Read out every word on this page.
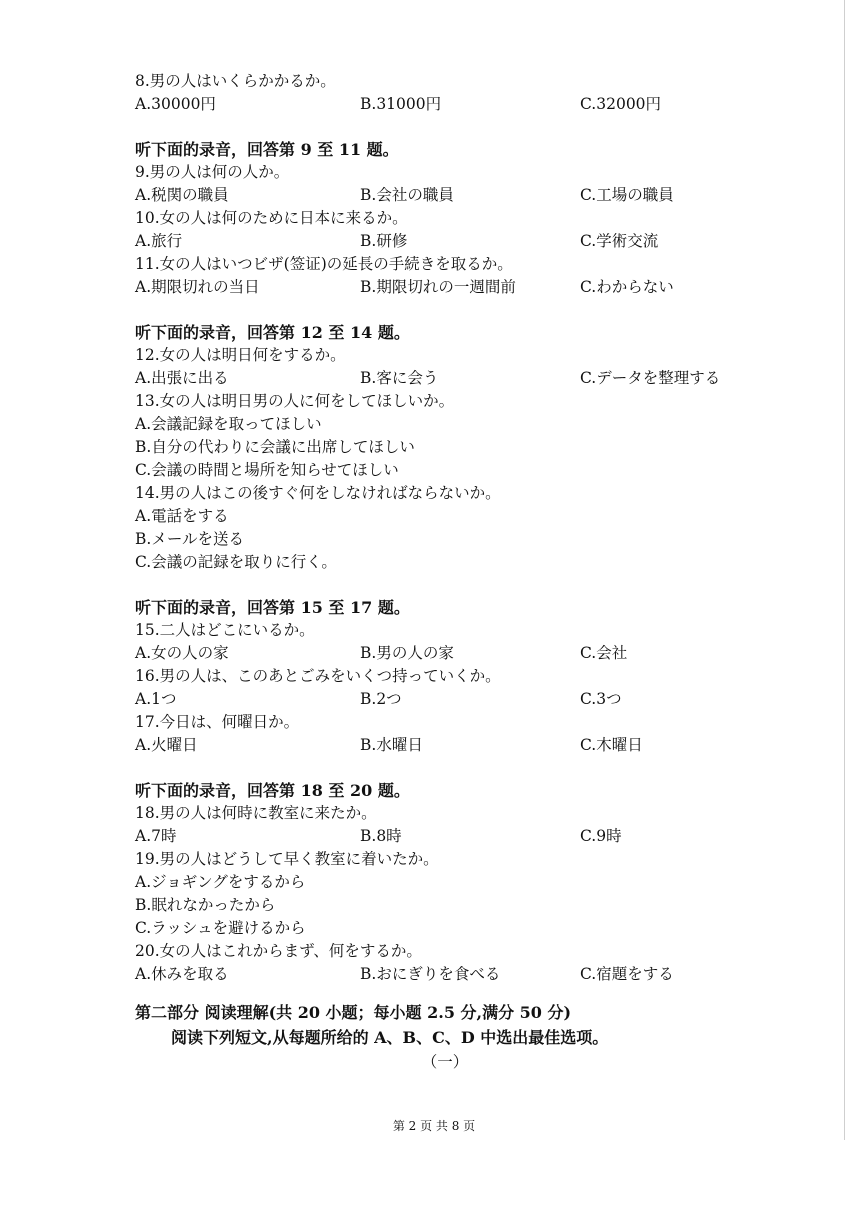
8.男の人はいくらかかるか。
A.30000円	B.31000円	C.32000円
听下面的录音，回答第 9 至 11 题。
9.男の人は何の人か。
A.税関の職員	B.会社の職員	C.工場の職員
10.女の人は何のために日本に来るか。
A.旅行	B.研修	C.学術交流
11.女の人はいつビザ(签证)の延長の手続きを取るか。
A.期限切れの当日	B.期限切れの一週間前	C.わからない
听下面的录音，回答第 12 至 14 题。
12.女の人は明日何をするか。
A.出張に出る	B.客に会う	C.データを整理する
13.女の人は明日男の人に何をしてほしいか。
A.会議記録を取ってほしい
B.自分の代わりに会議に出席してほしい
C.会議の時間と場所を知らせてほしい
14.男の人はこの後すぐ何をしなければならないか。
A.電話をする
B.メールを送る
C.会議の記録を取りに行く。
听下面的录音，回答第 15 至 17 题。
15.二人はどこにいるか。
A.女の人の家	B.男の人の家	C.会社
16.男の人は、このあとごみをいくつ持っていくか。
A.1つ	B.2つ	C.3つ
17.今日は、何曜日か。
A.火曜日	B.水曜日	C.木曜日
听下面的录音，回答第 18 至 20 题。
18.男の人は何時に教室に来たか。
A.7時	B.8時	C.9時
19.男の人はどうして早く教室に着いたか。
A.ジョギングをするから
B.眠れなかったから
C.ラッシュを避けるから
20.女の人はこれからまず、何をするか。
A.休みを取る	B.おにぎりを食べる	C.宿題をする
第二部分 阅读理解(共 20 小题；每小题 2.5 分,满分 50 分)
阅读下列短文,从每题所给的 A、B、C、D 中选出最佳选项。
（一）
第 2 页 共 8 页
